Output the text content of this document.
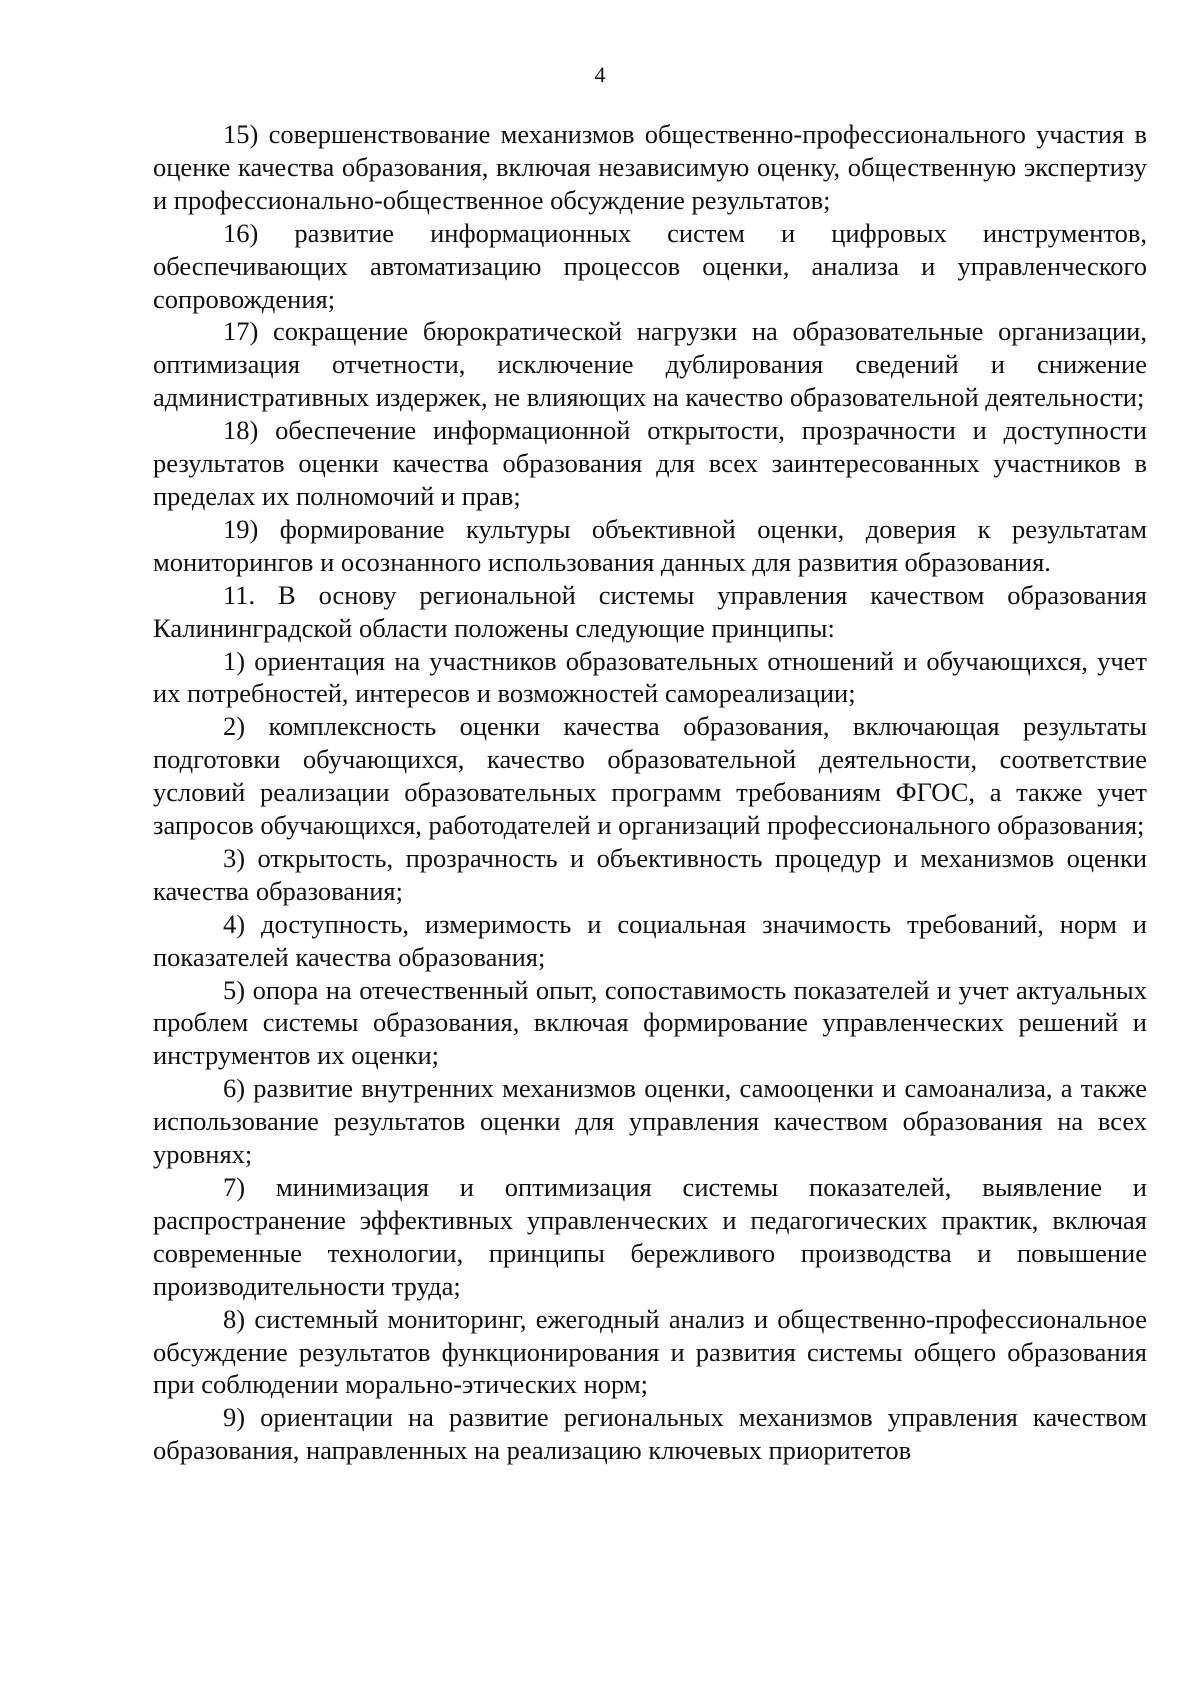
4

15) совершенствование механизмов общественно-профессионального участия в оценке качества образования, включая независимую оценку, общественную экспертизу и профессионально-общественное обсуждение результатов;

16) развитие информационных систем и цифровых инструментов, обеспечивающих автоматизацию процессов оценки, анализа и управленческого сопровождения;

17) сокращение бюрократической нагрузки на образовательные организации, оптимизация отчетности, исключение дублирования сведений и снижение административных издержек, не влияющих на качество образовательной деятельности;

18) обеспечение информационной открытости, прозрачности и доступности результатов оценки качества образования для всех заинтересованных участников в пределах их полномочий и прав;

19) формирование культуры объективной оценки, доверия к результатам мониторингов и осознанного использования данных для развития образования.

11. В основу региональной системы управления качеством образования Калининградской области положены следующие принципы:

1) ориентация на участников образовательных отношений и обучающихся, учет их потребностей, интересов и возможностей самореализации;

2) комплексность оценки качества образования, включающая результаты подготовки обучающихся, качество образовательной деятельности, соответствие условий реализации образовательных программ требованиям ФГОС, а также учет запросов обучающихся, работодателей и организаций профессионального образования;

3) открытость, прозрачность и объективность процедур и механизмов оценки качества образования;

4) доступность, измеримость и социальная значимость требований, норм и показателей качества образования;

5) опора на отечественный опыт, сопоставимость показателей и учет актуальных проблем системы образования, включая формирование управленческих решений и инструментов их оценки;

6) развитие внутренних механизмов оценки, самооценки и самоанализа, а также использование результатов оценки для управления качеством образования на всех уровнях;

7) минимизация и оптимизация системы показателей, выявление и распространение эффективных управленческих и педагогических практик, включая современные технологии, принципы бережливого производства и повышение производительности труда;

8) системный мониторинг, ежегодный анализ и общественно-профессиональное обсуждение результатов функционирования и развития системы общего образования при соблюдении морально-этических норм;

9) ориентации на развитие региональных механизмов управления качеством образования, направленных на реализацию ключевых приоритетов
